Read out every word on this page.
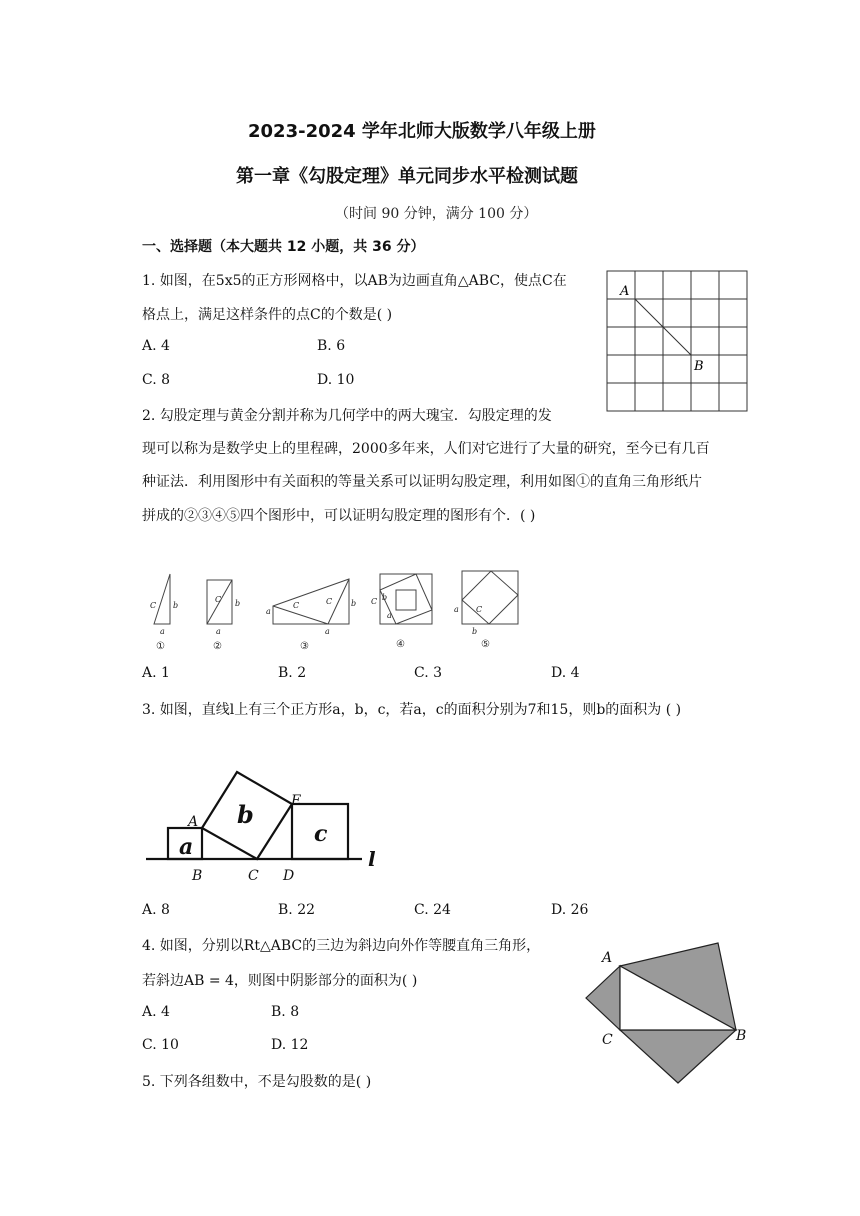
2023-2024 学年北师大版数学八年级上册
第一章《勾股定理》单元同步水平检测试题
（时间 90 分钟，满分 100 分）
一、选择题（本大题共 12 小题，共 36 分）
1. 如图，在5x5的正方形网格中，以AB为边画直角△ABC，使点C在
格点上，满足这样条件的点C的个数是( )
A. 4	B. 6
C. 8	D. 10
A
B
2. 勾股定理与黄金分割并称为几何学中的两大瑰宝．勾股定理的发
现可以称为是数学史上的里程碑，2000多年来，人们对它进行了大量的研究，至今已有几百
种证法．利用图形中有关面积的等量关系可以证明勾股定理，利用如图①的直角三角形纸片
拼成的②③④⑤四个图形中，可以证明勾股定理的图形有个．( )
C b
a
C b
a
a
C	C b
a
C b
a
a C
b
①	②	③	④	⑤
A. 1	B. 2	C. 3	D. 4
3. 如图，直线l上有三个正方形a，b，c，若a，c的面积分别为7和15，则b的面积为 ( )
a
b
c
A
B	C D
E
l
A. 8	B. 22	C. 24	D. 26
4. 如图，分别以Rt△ABC的三边为斜边向外作等腰直角三角形，
若斜边AB = 4，则图中阴影部分的面积为( )
A. 4	B. 8
C. 10	D. 12
A
B
C
5. 下列各组数中，不是勾股数的是( )
